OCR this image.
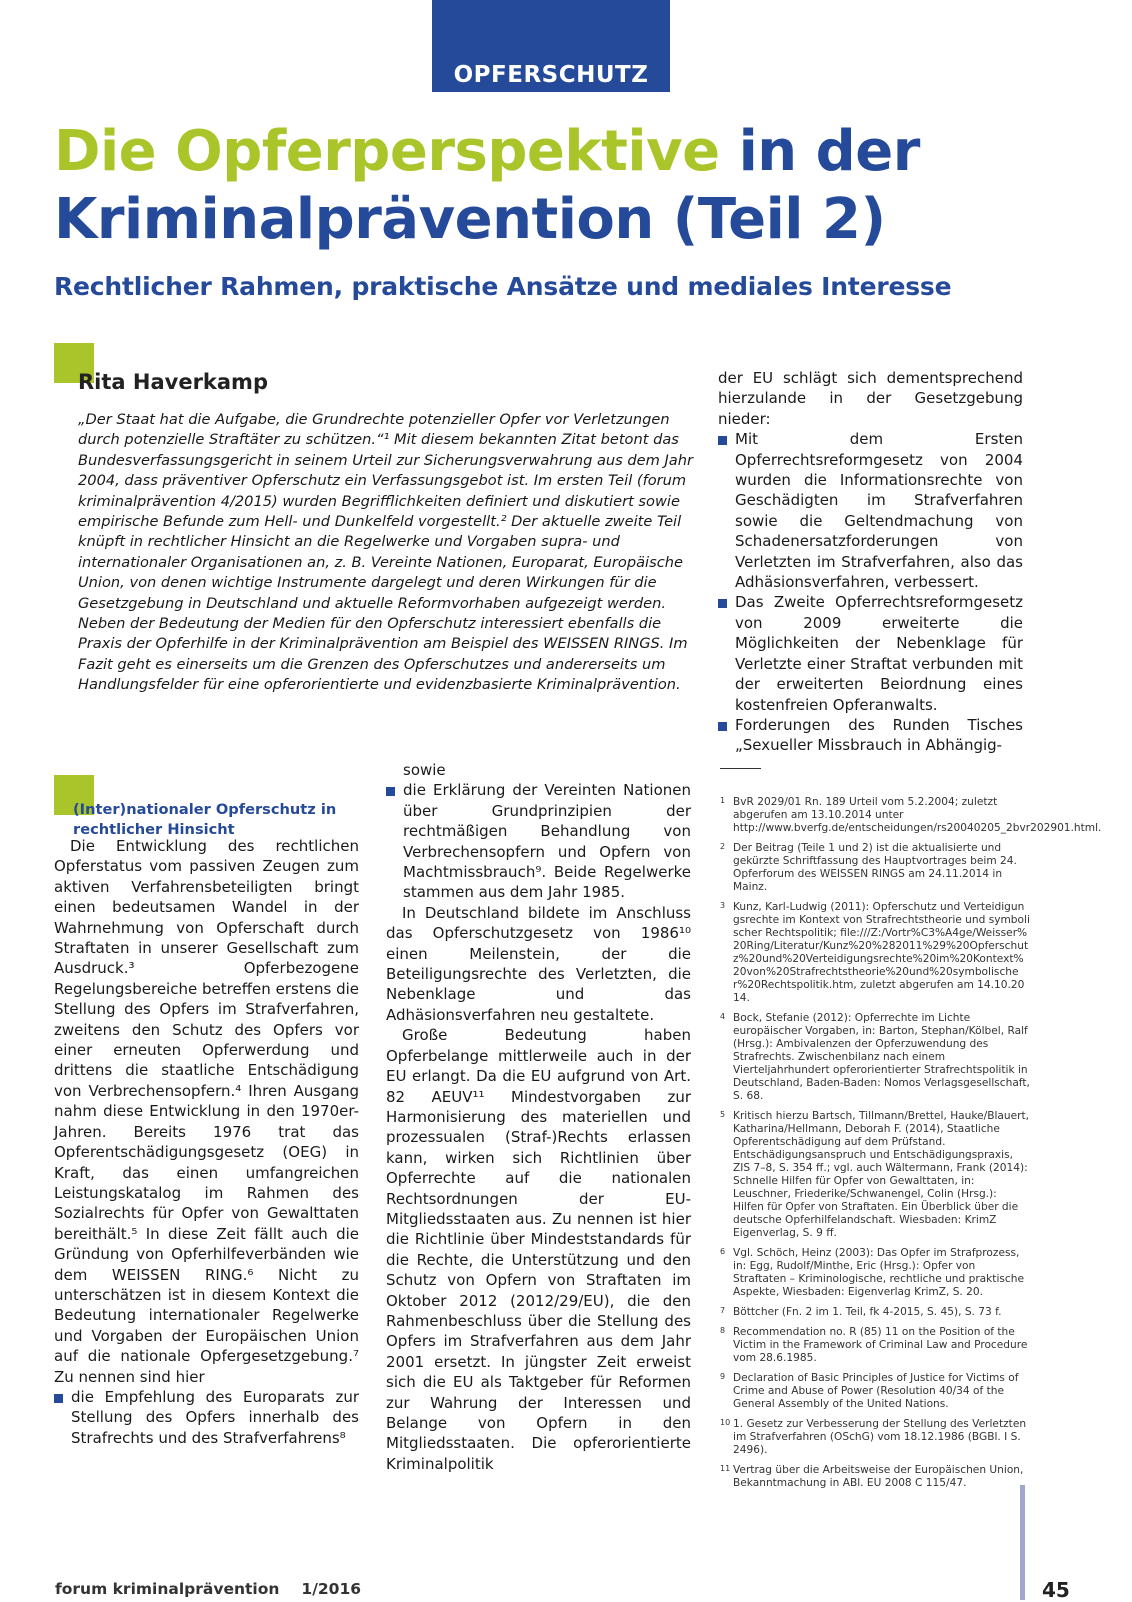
OPFERSCHUTZ
Die Opferperspektive in der
Kriminalprävention (Teil 2)
Rechtlicher Rahmen, praktische Ansätze und mediales Interesse
Rita Haverkamp

„Der Staat hat die Aufgabe, die Grundrechte potenzieller Opfer vor Verletzungen durch potenzielle Straftäter zu schützen.“¹ Mit diesem bekannten Zitat betont das Bundesverfassungsgericht in seinem Urteil zur Sicherungsverwahrung aus dem Jahr 2004, dass präventiver Opferschutz ein Verfassungsgebot ist. Im ersten Teil (forum kriminalprävention 4/2015) wurden Begrifflichkeiten definiert und diskutiert sowie empirische Befunde zum Hell- und Dunkelfeld vorgestellt.² Der aktuelle zweite Teil knüpft in rechtlicher Hinsicht an die Regelwerke und Vorgaben supra- und internationaler Organisationen an, z. B. Vereinte Nationen, Europarat, Europäische Union, von denen wichtige Instrumente dargelegt und deren Wirkungen für die Gesetzgebung in Deutschland und aktuelle Reformvorhaben aufgezeigt werden. Neben der Bedeutung der Medien für den Opferschutz interessiert ebenfalls die Praxis der Opferhilfe in der Kriminalprävention am Beispiel des WEISSEN RINGS. Im Fazit geht es einerseits um die Grenzen des Opferschutzes und andererseits um Handlungsfelder für eine opferorientierte und evidenzbasierte Kriminalprävention.

der EU schlägt sich dementsprechend hierzulande in der Gesetzgebung nieder:

Mit dem Ersten Opferrechtsreformgesetz von 2004 wurden die Informationsrechte von Geschädigten im Strafverfahren sowie die Geltendmachung von Schadenersatzforderungen von Verletzten im Strafverfahren, also das Adhäsionsverfahren, verbessert.
Das Zweite Opferrechtsreformgesetz von 2009 erweiterte die Möglichkeiten der Nebenklage für Verletzte einer Straftat verbunden mit der erweiterten Beiordnung eines kostenfreien Opferanwalts.
Forderungen des Runden Tisches „Sexueller Missbrauch in Abhängig-
(Inter)nationaler Opferschutz in rechtlicher Hinsicht

Die Entwicklung des rechtlichen Opferstatus vom passiven Zeugen zum aktiven Verfahrensbeteiligten bringt einen bedeutsamen Wandel in der Wahrnehmung von Opferschaft durch Straftaten in unserer Gesellschaft zum Ausdruck.³ Opferbezogene Regelungsbereiche betreffen erstens die Stellung des Opfers im Strafverfahren, zweitens den Schutz des Opfers vor einer erneuten Opferwerdung und drittens die staatliche Entschädigung von Verbrechensopfern.⁴ Ihren Ausgang nahm diese Entwicklung in den 1970er-Jahren. Bereits 1976 trat das Opferentschädigungsgesetz (OEG) in Kraft, das einen umfangreichen Leistungskatalog im Rahmen des Sozialrechts für Opfer von Gewalttaten bereithält.⁵ In diese Zeit fällt auch die Gründung von Opferhilfeverbänden wie dem WEISSEN RING.⁶ Nicht zu unterschätzen ist in diesem Kontext die Bedeutung internationaler Regelwerke und Vorgaben der Europäischen Union auf die nationale Opfergesetzgebung.⁷ Zu nennen sind hier

die Empfehlung des Europarats zur Stellung des Opfers innerhalb des Strafrechts und des Strafverfahrens⁸

sowie

die Erklärung der Vereinten Nationen über Grundprinzipien der rechtmäßigen Behandlung von Verbrechensopfern und Opfern von Machtmissbrauch⁹. Beide Regelwerke stammen aus dem Jahr 1985.

In Deutschland bildete im Anschluss das Opferschutzgesetz von 1986¹⁰ einen Meilenstein, der die Beteiligungsrechte des Verletzten, die Nebenklage und das Adhäsionsverfahren neu gestaltete.

Große Bedeutung haben Opferbelange mittlerweile auch in der EU erlangt. Da die EU aufgrund von Art. 82 AEUV¹¹ Mindestvorgaben zur Harmonisierung des materiellen und prozessualen (Straf-)Rechts erlassen kann, wirken sich Richtlinien über Opferrechte auf die nationalen Rechtsordnungen der EU-Mitgliedsstaaten aus. Zu nennen ist hier die Richtlinie über Mindeststandards für die Rechte, die Unterstützung und den Schutz von Opfern von Straftaten im Oktober 2012 (2012/29/EU), die den Rahmenbeschluss über die Stellung des Opfers im Strafverfahren aus dem Jahr 2001 ersetzt. In jüngster Zeit erweist sich die EU als Taktgeber für Reformen zur Wahrung der Interessen und Belange von Opfern in den Mitgliedsstaaten. Die opferorientierte Kriminalpolitik

1 BvR 2029/01 Rn. 189 Urteil vom 5.2.2004; zuletzt abgerufen am 13.10.2014 unter http://www.bverfg.de/entscheidungen/rs20040205_2bvr202901.html.
2 Der Beitrag (Teile 1 und 2) ist die aktualisierte und gekürzte Schriftfassung des Hauptvortrages beim 24. Opferforum des WEISSEN RINGS am 24.11.2014 in Mainz.
3 Kunz, Karl-Ludwig (2011): Opferschutz und Verteidigungsrechte im Kontext von Strafrechtstheorie und symbolischer Rechtspolitik; file:///Z:/Vortr%C3%A4ge/Weisser%20Ring/Literatur/Kunz%20%282011%29%20Opferschutz%20und%20Verteidigungsrechte%20im%20Kontext%20von%20Strafrechtstheorie%20und%20symbolischer%20Rechtspolitik.htm, zuletzt abgerufen am 14.10.2014.
4 Bock, Stefanie (2012): Opferrechte im Lichte europäischer Vorgaben, in: Barton, Stephan/Kölbel, Ralf (Hrsg.): Ambivalenzen der Opferzuwendung des Strafrechts. Zwischenbilanz nach einem Vierteljahrhundert opferorientierter Strafrechtspolitik in Deutschland, Baden-Baden: Nomos Verlagsgesellschaft, S. 68.
5 Kritisch hierzu Bartsch, Tillmann/Brettel, Hauke/Blauert, Katharina/Hellmann, Deborah F. (2014), Staatliche Opferentschädigung auf dem Prüfstand. Entschädigungsanspruch und Entschädigungspraxis, ZIS 7–8, S. 354 ff.; vgl. auch Wältermann, Frank (2014): Schnelle Hilfen für Opfer von Gewalttaten, in: Leuschner, Friederike/Schwanengel, Colin (Hrsg.): Hilfen für Opfer von Straftaten. Ein Überblick über die deutsche Opferhilfelandschaft. Wiesbaden: KrimZ Eigenverlag, S. 9 ff.
6 Vgl. Schöch, Heinz (2003): Das Opfer im Strafprozess, in: Egg, Rudolf/Minthe, Eric (Hrsg.): Opfer von Straftaten – Kriminologische, rechtliche und praktische Aspekte, Wiesbaden: Eigenverlag KrimZ, S. 20.
7 Böttcher (Fn. 2 im 1. Teil, fk 4-2015, S. 45), S. 73 f.
8 Recommendation no. R (85) 11 on the Position of the Victim in the Framework of Criminal Law and Procedure vom 28.6.1985.
9 Declaration of Basic Principles of Justice for Victims of Crime and Abuse of Power (Resolution 40/34 of the General Assembly of the United Nations.
10 1. Gesetz zur Verbesserung der Stellung des Verletzten im Strafverfahren (OSchG) vom 18.12.1986 (BGBl. I S. 2496).
11 Vertrag über die Arbeitsweise der Europäischen Union, Bekanntmachung in ABl. EU 2008 C 115/47.
forum kriminalprävention 1/2016	45
